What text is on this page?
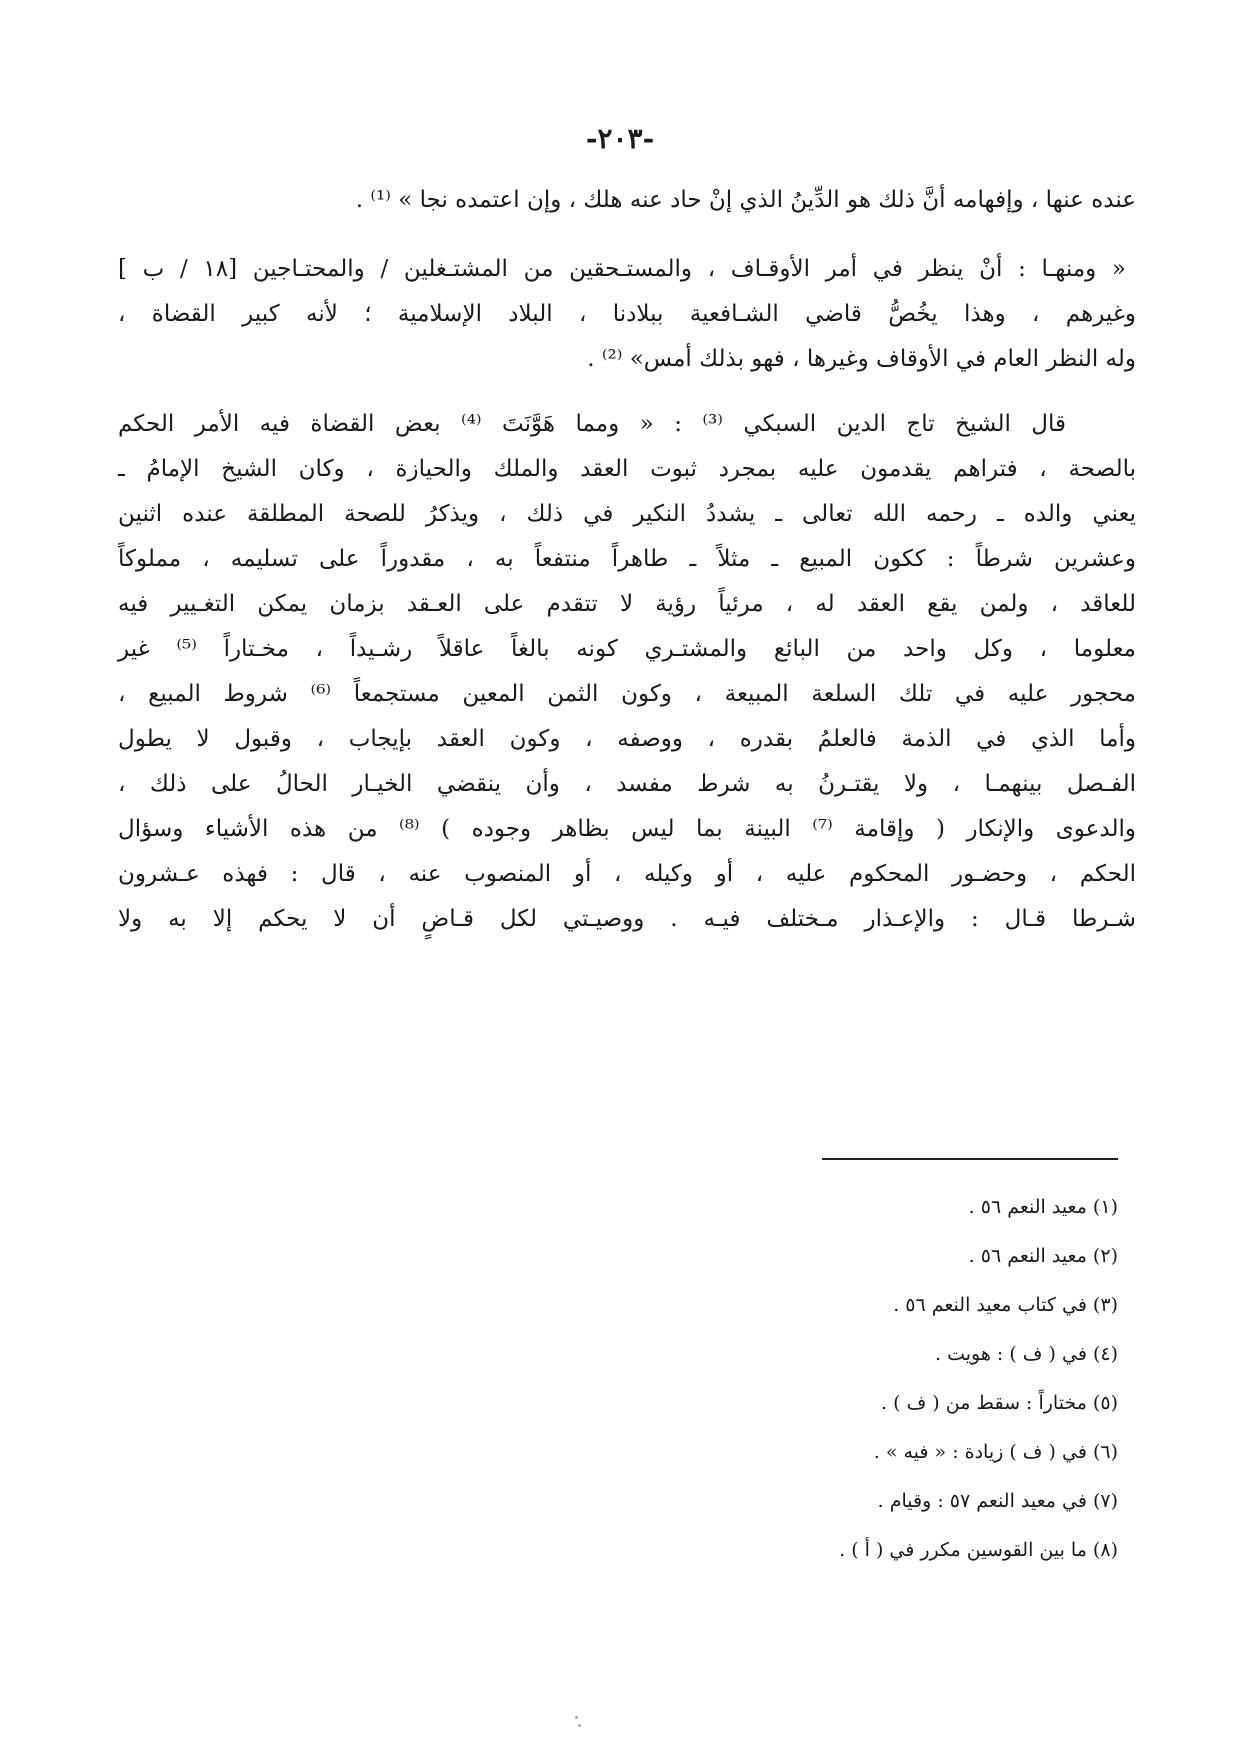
-٢٠٣-
عنده عنها ، وإفهامه أنَّ ذلك هو الدِّينُ الذي إنْ حاد عنه هلك ، وإن اعتمده نجا » ⁽¹⁾ .
« ومنهـا : أنْ ينظر في أمر الأوقـاف ، والمستـحقين من المشتـغلين / والمحتـاجين [١٨ / ب ]
وغيرهم ، وهذا يخُصُّ قاضي الشـافعية ببلادنا ، البلاد الإسلامية ؛ لأنه كبير القضاة ،
وله النظر العام في الأوقاف وغيرها ، فهو بذلك أمس» ⁽²⁾ .
قال الشيخ تاج الدين السبكي ⁽³⁾ : « ومما هَوَّنَتَ ⁽⁴⁾ بعض القضاة فيه الأمر الحكم
بالصحة ، فتراهم يقدمون عليه بمجرد ثبوت العقد والملك والحيازة ، وكان الشيخ الإمامُ ـ
يعني والده ـ رحمه الله تعالى ـ يشددُ النكير في ذلك ، ويذكرُ للصحة المطلقة عنده اثنين
وعشرين شرطاً : ككون المبيع ـ مثلاً ـ طاهراً منتفعاً به ، مقدوراً على تسليمه ، مملوكاً
للعاقد ، ولمن يقع العقد له ، مرئياً رؤية لا تتقدم على العـقد بزمان يمكن التغـيير فيه
معلوما ، وكل واحد من البائع والمشتـري كونه بالغاً عاقلاً رشـيداً ، مخـتاراً ⁽⁵⁾ غير
محجور عليه في تلك السلعة المبيعة ، وكون الثمن المعين مستجمعاً ⁽⁶⁾ شروط المبيع ،
وأما الذي في الذمة فالعلمُ بقدره ، ووصفه ، وكون العقد بإيجاب ، وقبول لا يطول
الفـصل بينهمـا ، ولا يقتـرنُ به شرط مفسد ، وأن ينقضي الخيـار الحالُ على ذلك ،
والدعوى والإنكار ( وإقامة ⁽⁷⁾ البينة بما ليس بظاهر وجوده ) ⁽⁸⁾ من هذه الأشياء وسؤال
الحكم ، وحضـور المحكوم عليه ، أو وكيله ، أو المنصوب عنه ، قال : فهذه عـشرون
شـرطا قـال : والإعـذار مـختلف فيـه . ووصيـتي لكل قـاضٍ أن لا يحكم إلا به ولا
(١) معيد النعم ٥٦ .
(٢) معيد النعم ٥٦ .
(٣) في كتاب معيد النعم ٥٦ .
(٤) في ( ف ) : هويت .
(٥) مختاراً : سقط من ( ف ) .
(٦) في ( ف ) زيادة : « فيه » .
(٧) في معيد النعم ٥٧ : وقيام .
(٨) ما بين القوسين مكرر في ( أ ) .
